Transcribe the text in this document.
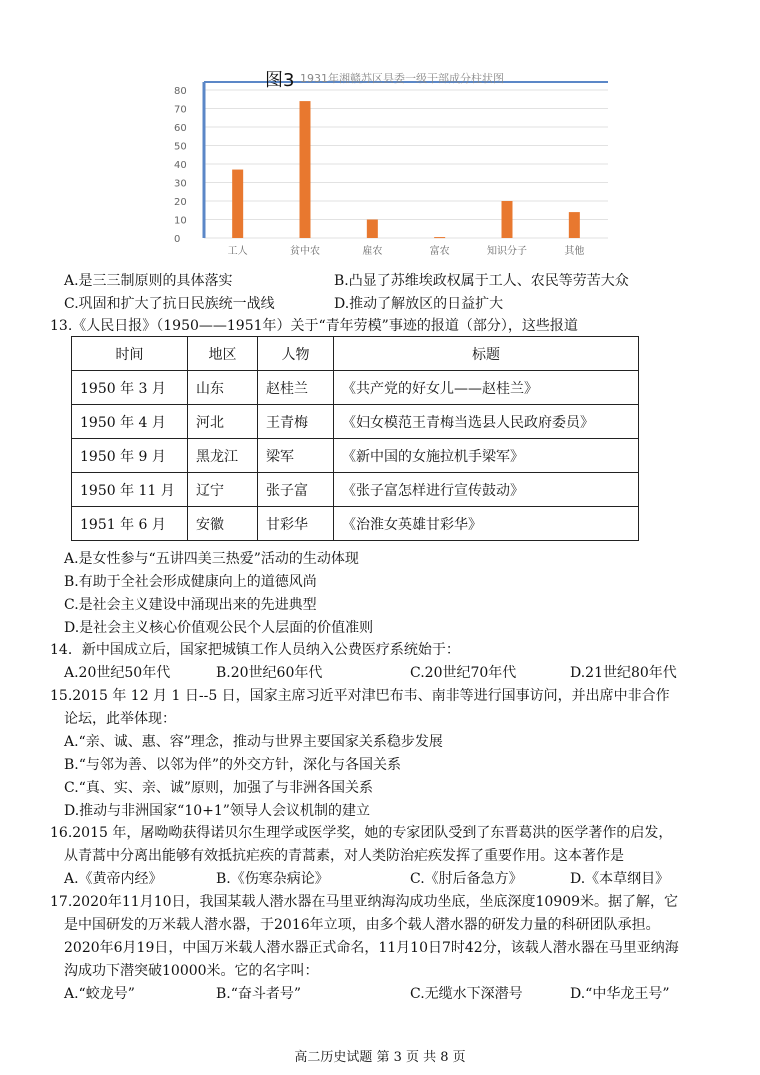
0
10
20
30
40
50
60
70
80
工人	贫中农	雇农	富农	知识分子	其他
图3 1931年湘赣苏区县委一级干部成分柱状图
A.是三三制原则的具体落实	B.凸显了苏维埃政权属于工人、农民等劳苦大众
C.巩固和扩大了抗日民族统一战线	D.推动了解放区的日益扩大
13.《人民日报》（1950——1951年）关于“青年劳模”事迹的报道（部分），这些报道
时间	地区	人物	标题
1950 年 3 月	山东	赵桂兰	《共产党的好女儿——赵桂兰》
1950 年 4 月	河北	王青梅	《妇女模范王青梅当选县人民政府委员》
1950 年 9 月	黑龙江	梁军	《新中国的女施拉机手梁军》
1950 年 11 月	辽宁	张子富	《张子富怎样进行宣传鼓动》
1951 年 6 月	安徽	甘彩华	《治淮女英雄甘彩华》
A.是女性参与“五讲四美三热爱”活动的生动体现
B.有助于全社会形成健康向上的道德风尚
C.是社会主义建设中涌现出来的先进典型
D.是社会主义核心价值观公民个人层面的价值准则
14．新中国成立后，国家把城镇工作人员纳入公费医疗系统始于：
A.20世纪50年代	B.20世纪60年代	C.20世纪70年代	D.21世纪80年代
15.2015 年 12 月 1 日--5 日，国家主席习近平对津巴布韦、南非等进行国事访问，并出席中非合作
论坛，此举体现：
A.“亲、诚、惠、容”理念，推动与世界主要国家关系稳步发展
B.“与邻为善、以邻为伴”的外交方针，深化与各国关系
C.“真、实、亲、诚”原则，加强了与非洲各国关系
D.推动与非洲国家“10+1”领导人会议机制的建立
16.2015 年，屠呦呦获得诺贝尔生理学或医学奖，她的专家团队受到了东晋葛洪的医学著作的启发，
从青蒿中分离出能够有效抵抗疟疾的青蒿素，对人类防治疟疾发挥了重要作用。这本著作是
A.《黄帝内经》	B.《伤寒杂病论》	C.《肘后备急方》	D.《本草纲目》
17.2020年11月10日，我国某载人潜水器在马里亚纳海沟成功坐底，坐底深度10909米。据了解，它
是中国研发的万米载人潜水器，于2016年立项，由多个载人潜水器的研发力量的科研团队承担。
2020年6月19日，中国万米载人潜水器正式命名，11月10日7时42分，该载人潜水器在马里亚纳海
沟成功下潜突破10000米。它的名字叫：
A.“蛟龙号”	B.“奋斗者号”	C.无缆水下深潜号	D.“中华龙王号”
高二历史试题 第 3 页 共 8 页
